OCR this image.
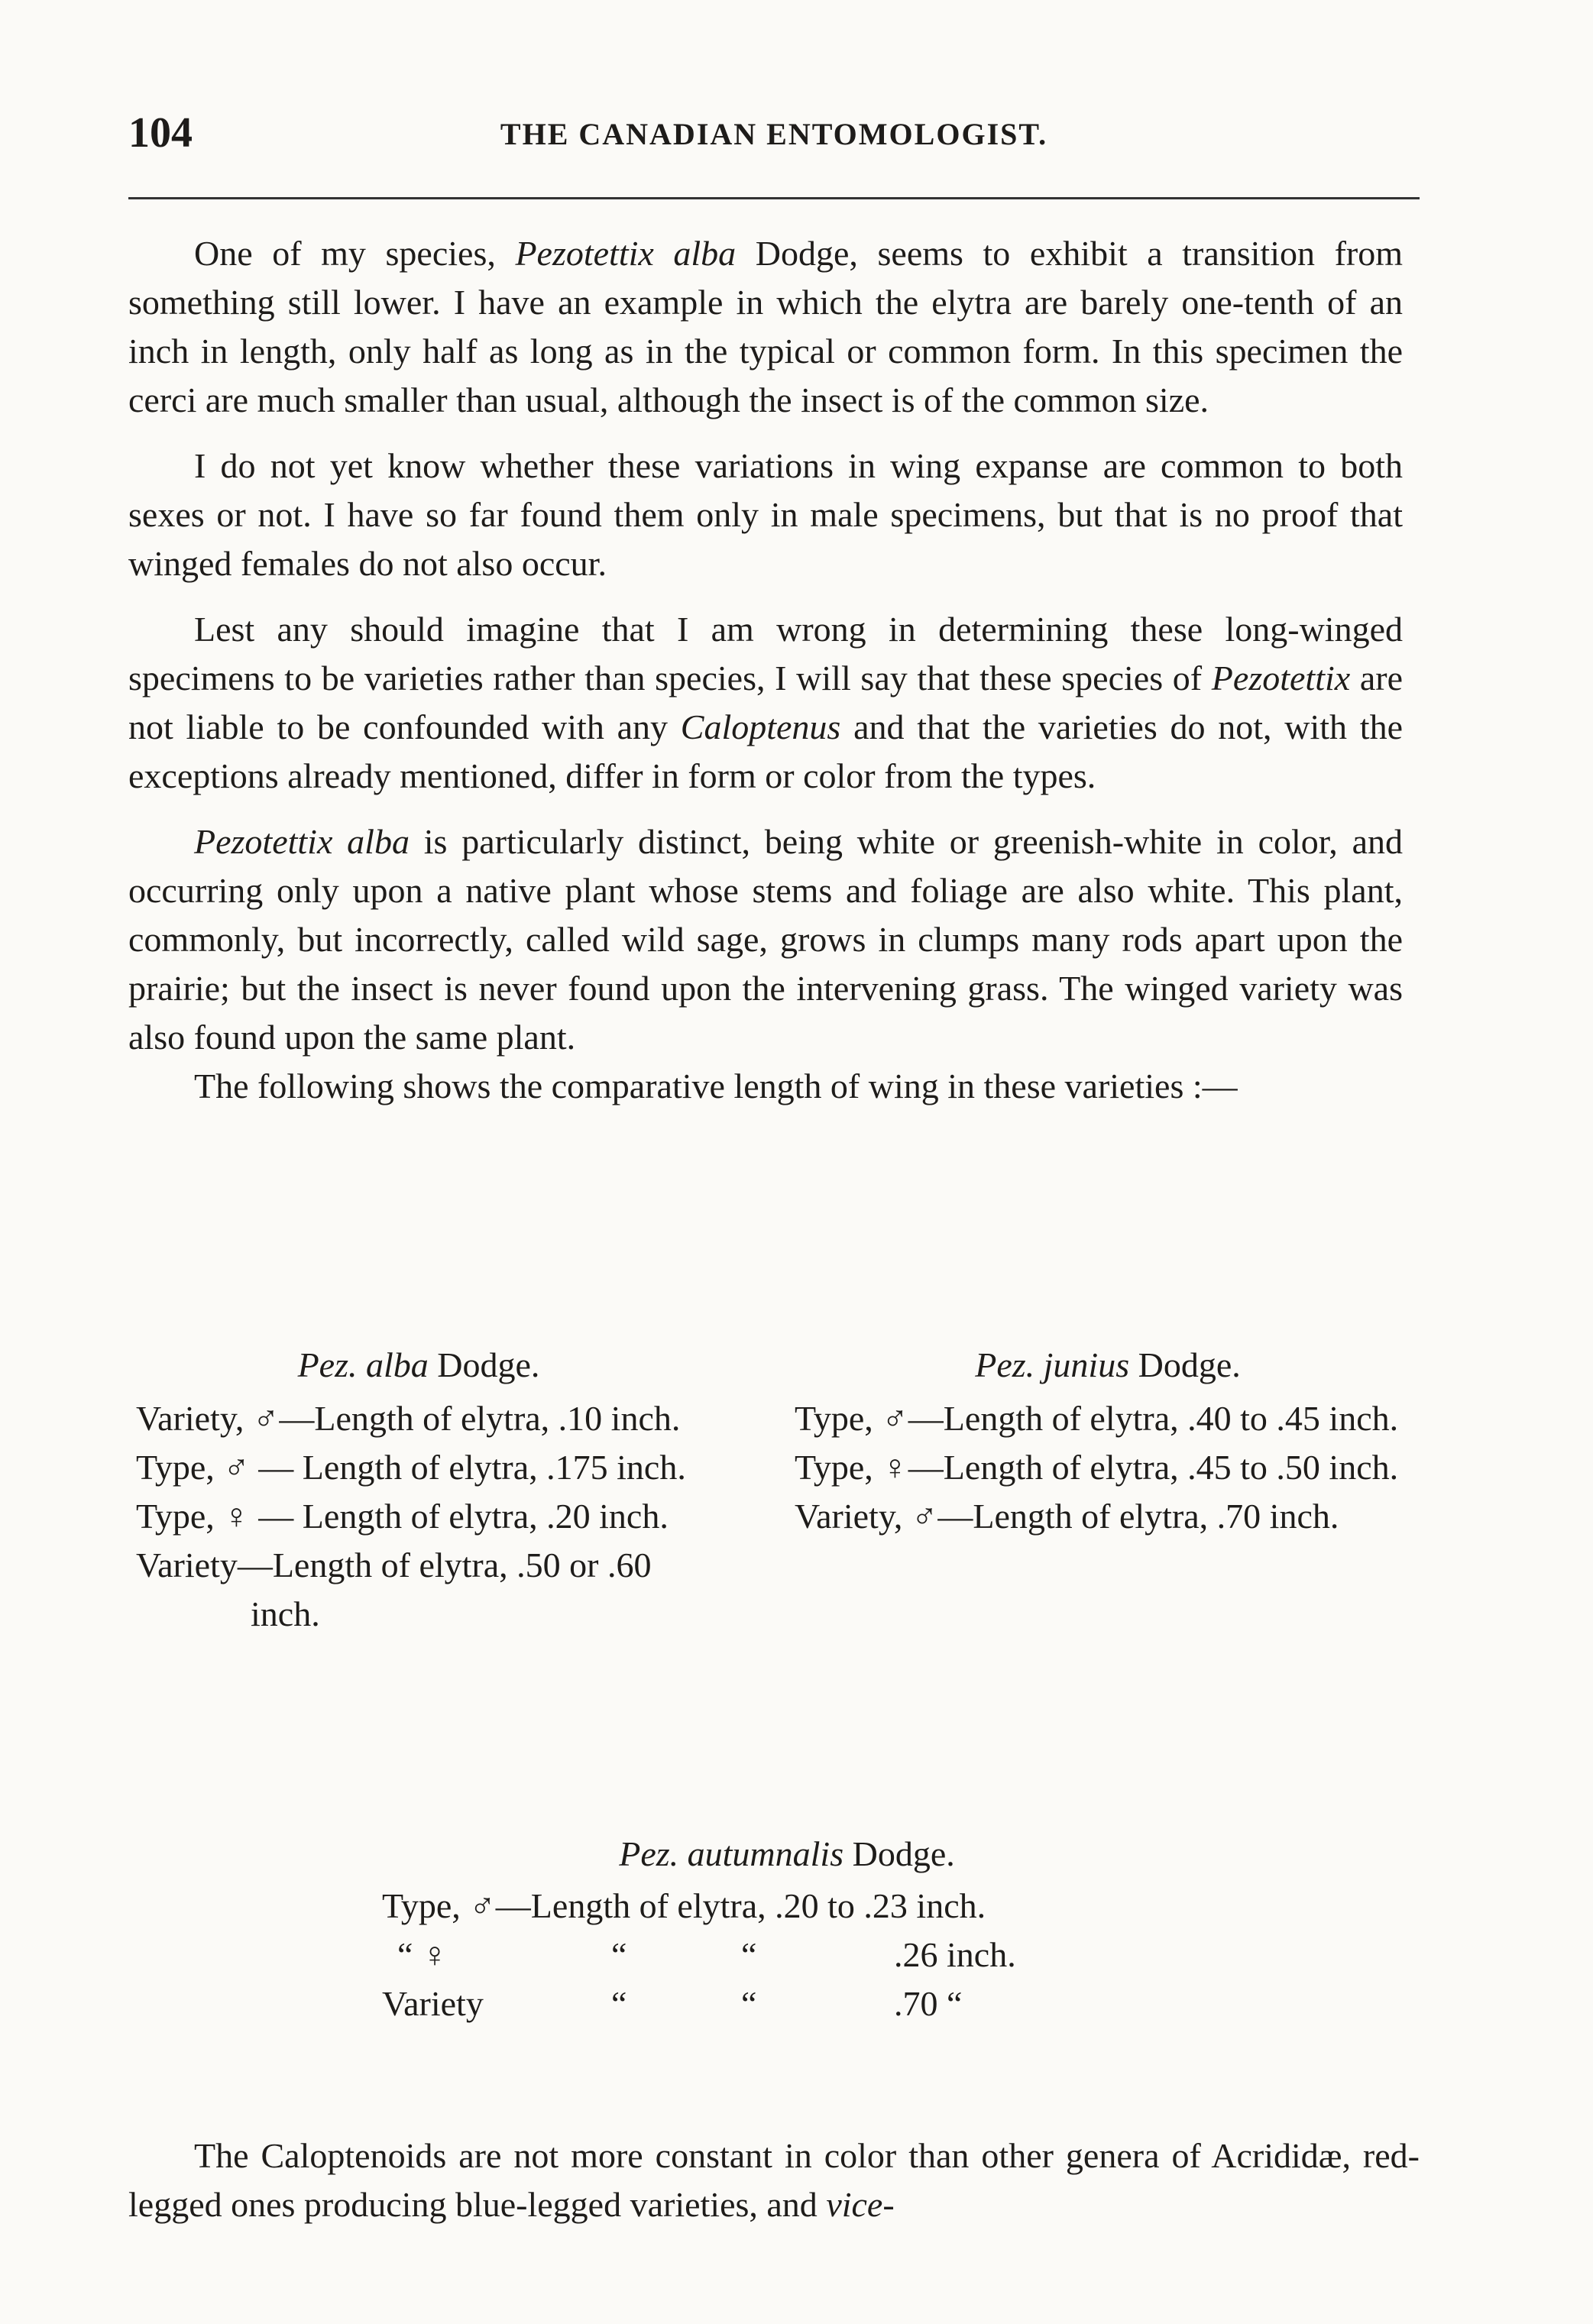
104	THE CANADIAN ENTOMOLOGIST.

One of my species, Pezotettix alba Dodge, seems to exhibit a transition from something still lower. I have an example in which the elytra are barely one-tenth of an inch in length, only half as long as in the typical or common form. In this specimen the cerci are much smaller than usual, although the insect is of the common size.

I do not yet know whether these variations in wing expanse are common to both sexes or not. I have so far found them only in male specimens, but that is no proof that winged females do not also occur.

Lest any should imagine that I am wrong in determining these long-winged specimens to be varieties rather than species, I will say that these species of Pezotettix are not liable to be confounded with any Caloptenus and that the varieties do not, with the exceptions already mentioned, differ in form or color from the types.

Pezotettix alba is particularly distinct, being white or greenish-white in color, and occurring only upon a native plant whose stems and foliage are also white. This plant, commonly, but incorrectly, called wild sage, grows in clumps many rods apart upon the prairie; but the insect is never found upon the intervening grass. The winged variety was also found upon the same plant.

The following shows the comparative length of wing in these varieties :—

Pez. alba Dodge.
Variety, ♂—Length of elytra, .10 inch.
Type, ♂ — Length of elytra, .175 inch.
Type, ♀ — Length of elytra, .20 inch.
Variety—Length of elytra, .50 or .60 inch.
Pez. junius Dodge.
Type, ♂—Length of elytra, .40 to .45 inch.
Type, ♀—Length of elytra, .45 to .50 inch.
Variety, ♂—Length of elytra, .70 inch.
Pez. autumnalis Dodge.
Type, ♂—Length of elytra, .20 to .23 inch.
“ ♀	“	“	.26 inch.
Variety	“	“	.70 “

The Caloptenoids are not more constant in color than other genera of Acrididæ, red-legged ones producing blue-legged varieties, and vice-
